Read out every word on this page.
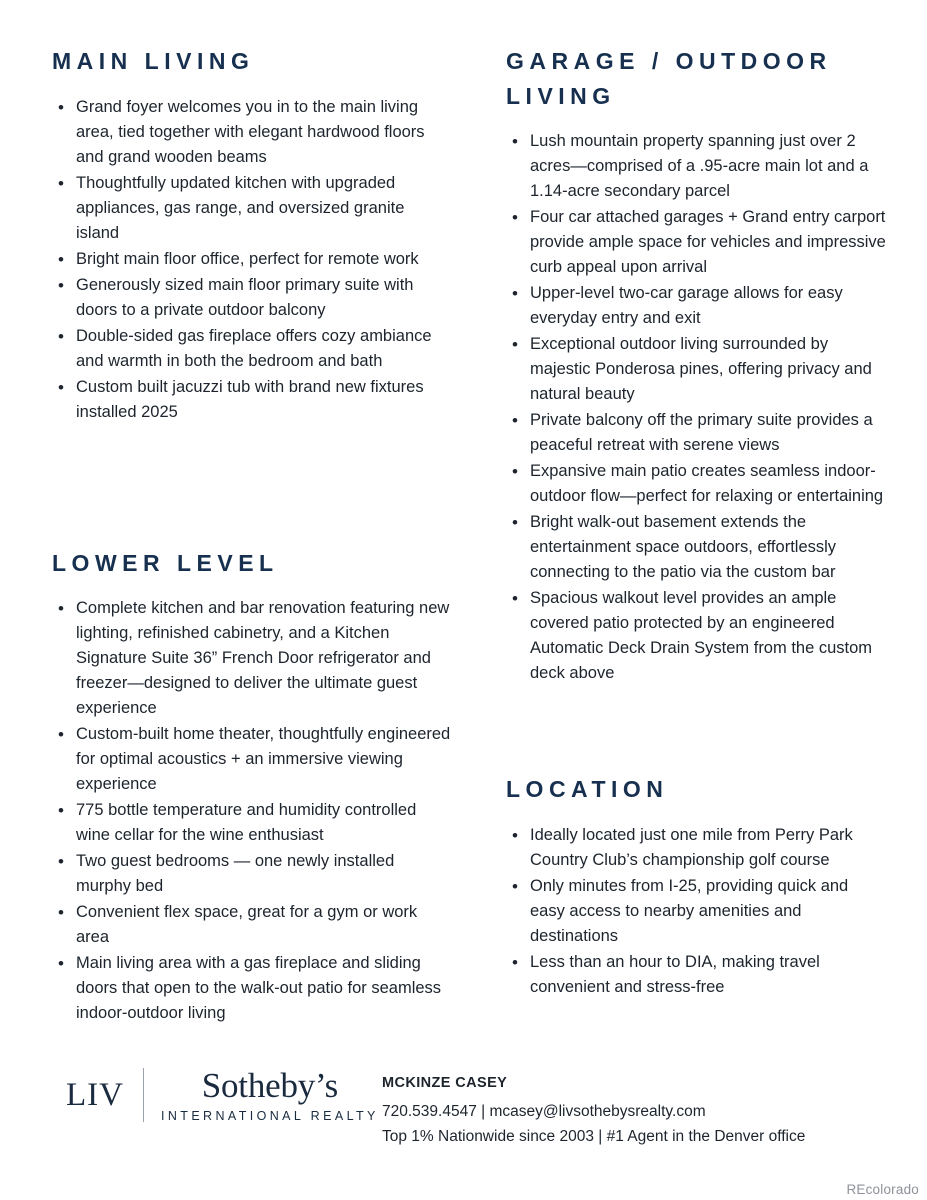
MAIN LIVING
• Grand foyer welcomes you in to the main living area, tied together with elegant hardwood floors and grand wooden beams
• Thoughtfully updated kitchen with upgraded appliances, gas range, and oversized granite island
• Bright main floor office, perfect for remote work
• Generously sized main floor primary suite with doors to a private outdoor balcony
• Double-sided gas fireplace offers cozy ambiance and warmth in both the bedroom and bath
• Custom built jacuzzi tub with brand new fixtures installed 2025
LOWER LEVEL
• Complete kitchen and bar renovation featuring new lighting, refinished cabinetry, and a Kitchen Signature Suite 36” French Door refrigerator and freezer—designed to deliver the ultimate guest experience
• Custom-built home theater, thoughtfully engineered for optimal acoustics + an immersive viewing experience
• 775 bottle temperature and humidity controlled wine cellar for the wine enthusiast
• Two guest bedrooms — one newly installed murphy bed
• Convenient flex space, great for a gym or work area
• Main living area with a gas fireplace and sliding doors that open to the walk-out patio for seamless indoor-outdoor living
GARAGE / OUTDOOR LIVING
• Lush mountain property spanning just over 2 acres—comprised of a .95-acre main lot and a 1.14-acre secondary parcel
• Four car attached garages + Grand entry carport provide ample space for vehicles and impressive curb appeal upon arrival
• Upper-level two-car garage allows for easy everyday entry and exit
• Exceptional outdoor living surrounded by majestic Ponderosa pines, offering privacy and natural beauty
• Private balcony off the primary suite provides a peaceful retreat with serene views
• Expansive main patio creates seamless indoor-outdoor flow—perfect for relaxing or entertaining
• Bright walk-out basement extends the entertainment space outdoors, effortlessly connecting to the patio via the custom bar
• Spacious walkout level provides an ample covered patio protected by an engineered Automatic Deck Drain System from the custom deck above
LOCATION
• Ideally located just one mile from Perry Park Country Club’s championship golf course
• Only minutes from I-25, providing quick and easy access to nearby amenities and destinations
• Less than an hour to DIA, making travel convenient and stress-free
LIV Sotheby’s
INTERNATIONAL REALTY
MCKINZE CASEY
720.539.4547 | mcasey@livsothebysrealty.com
Top 1% Nationwide since 2003 | #1 Agent in the Denver office
REcolorado
